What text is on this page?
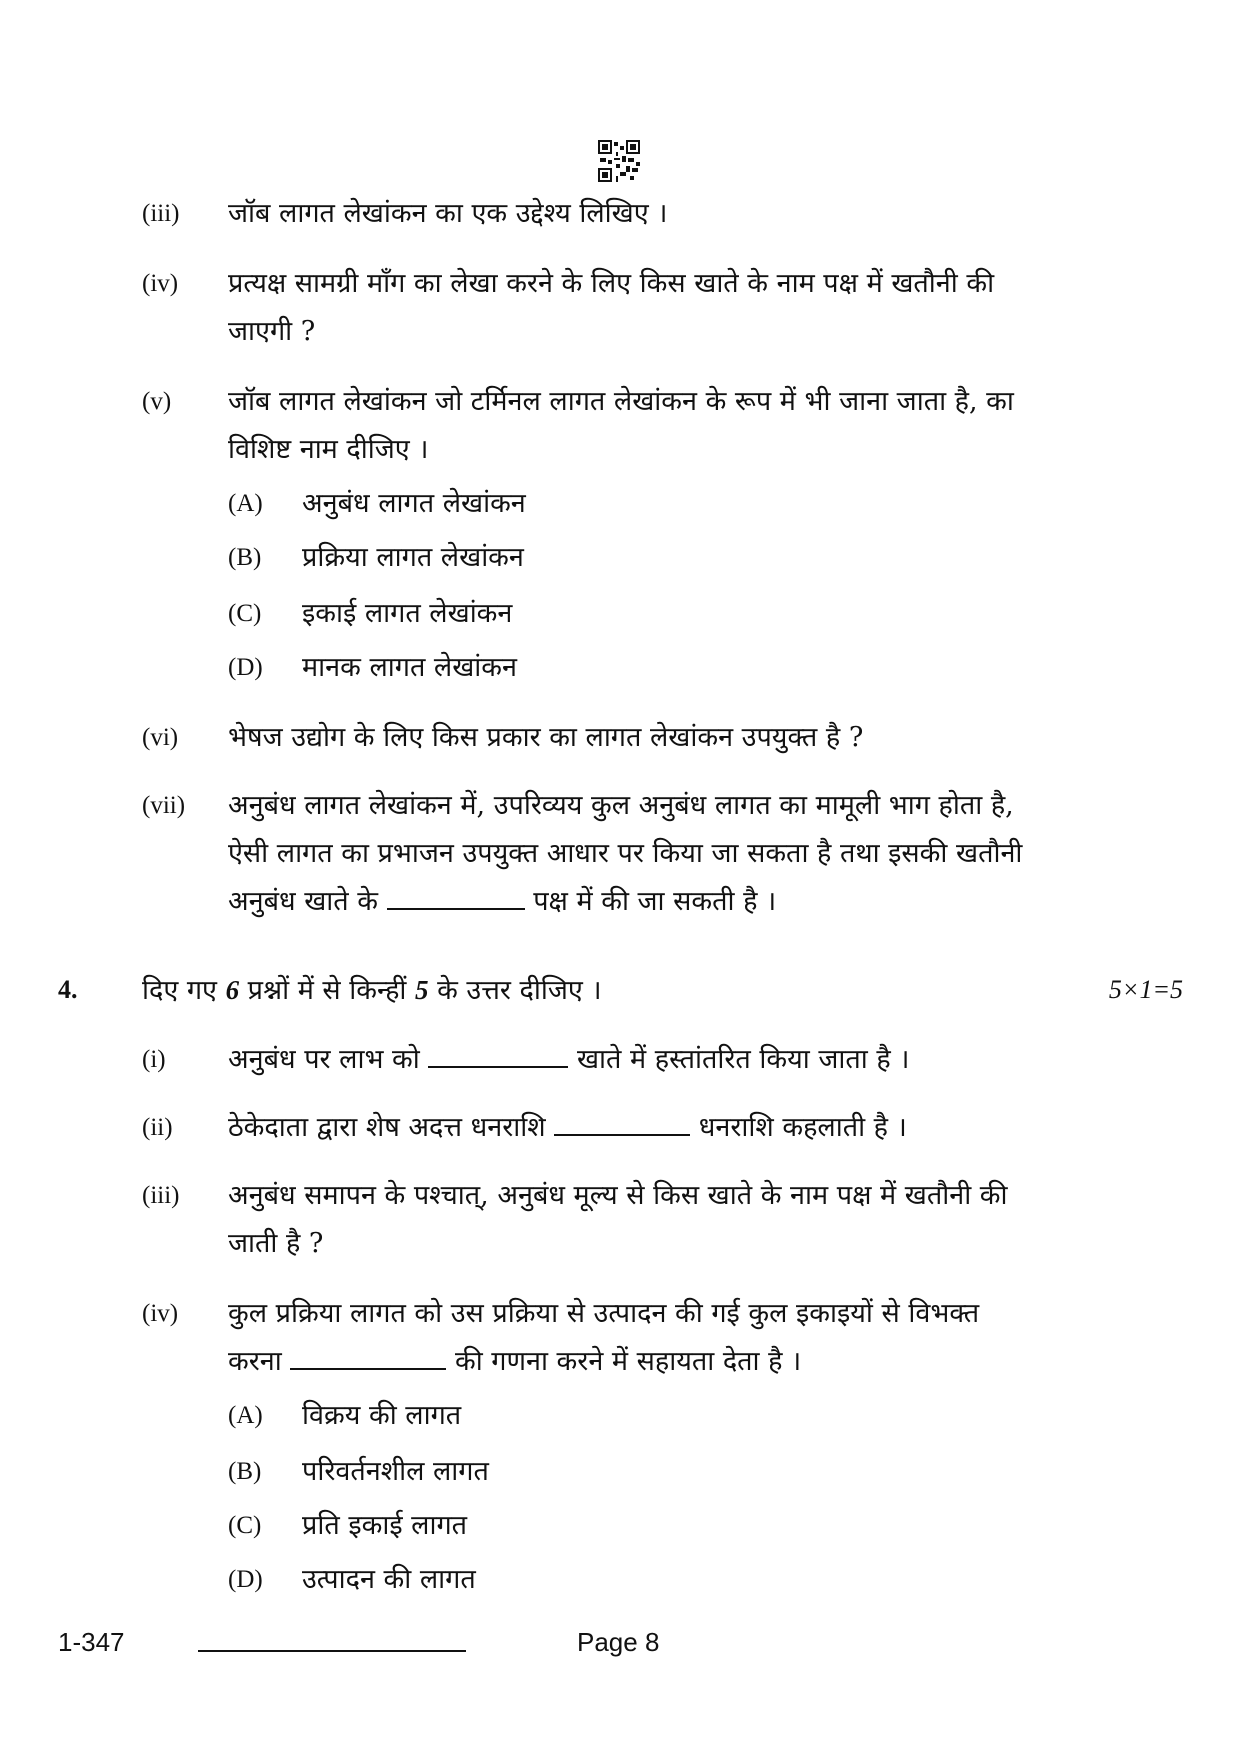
(iii) जॉब लागत लेखांकन का एक उद्देश्य लिखिए ।
(iv) प्रत्यक्ष सामग्री माँग का लेखा करने के लिए किस खाते के नाम पक्ष में खतौनी की
जाएगी ?
(v) जॉब लागत लेखांकन जो टर्मिनल लागत लेखांकन के रूप में भी जाना जाता है, का
विशिष्ट नाम दीजिए ।
(A) अनुबंध लागत लेखांकन
(B) प्रक्रिया लागत लेखांकन
(C) इकाई लागत लेखांकन
(D) मानक लागत लेखांकन
(vi) भेषज उद्योग के लिए किस प्रकार का लागत लेखांकन उपयुक्त है ?
(vii) अनुबंध लागत लेखांकन में, उपरिव्यय कुल अनुबंध लागत का मामूली भाग होता है,
ऐसी लागत का प्रभाजन उपयुक्त आधार पर किया जा सकता है तथा इसकी खतौनी
अनुबंध खाते के	पक्ष में की जा सकती है ।
4. दिए गए 6 प्रश्नों में से किन्हीं 5 के उत्तर दीजिए ।	5×1=5
(i) अनुबंध पर लाभ को	खाते में हस्तांतरित किया जाता है ।
(ii) ठेकेदाता द्वारा शेष अदत्त धनराशि	धनराशि कहलाती है ।
(iii) अनुबंध समापन के पश्चात्, अनुबंध मूल्य से किस खाते के नाम पक्ष में खतौनी की
जाती है ?
(iv) कुल प्रक्रिया लागत को उस प्रक्रिया से उत्पादन की गई कुल इकाइयों से विभक्त
करना	की गणना करने में सहायता देता है ।
(A) विक्रय की लागत
(B) परिवर्तनशील लागत
(C) प्रति इकाई लागत
(D) उत्पादन की लागत
1-347	Page 8
